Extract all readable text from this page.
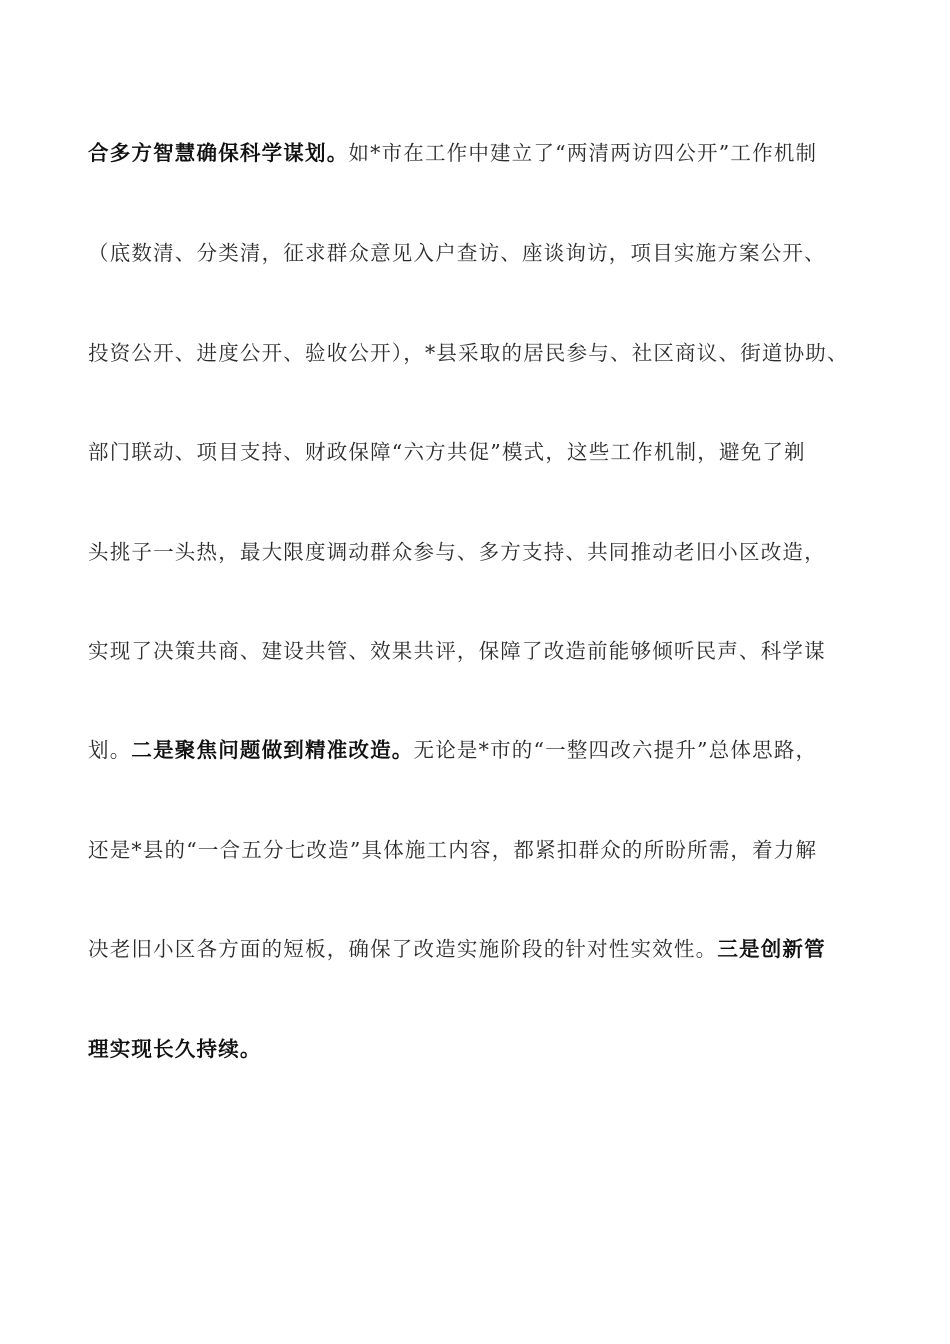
合多方智慧确保科学谋划。如*市在工作中建立了“两清两访四公开”工作机制
（底数清、分类清，征求群众意见入户查访、座谈询访，项目实施方案公开、
投资公开、进度公开、验收公开），*县采取的居民参与、社区商议、街道协助、
部门联动、项目支持、财政保障“六方共促”模式，这些工作机制，避免了剃
头挑子一头热，最大限度调动群众参与、多方支持、共同推动老旧小区改造，
实现了决策共商、建设共管、效果共评，保障了改造前能够倾听民声、科学谋
划。二是聚焦问题做到精准改造。无论是*市的“一整四改六提升”总体思路，
还是*县的“一合五分七改造”具体施工内容，都紧扣群众的所盼所需，着力解
决老旧小区各方面的短板，确保了改造实施阶段的针对性实效性。三是创新管
理实现长久持续。
